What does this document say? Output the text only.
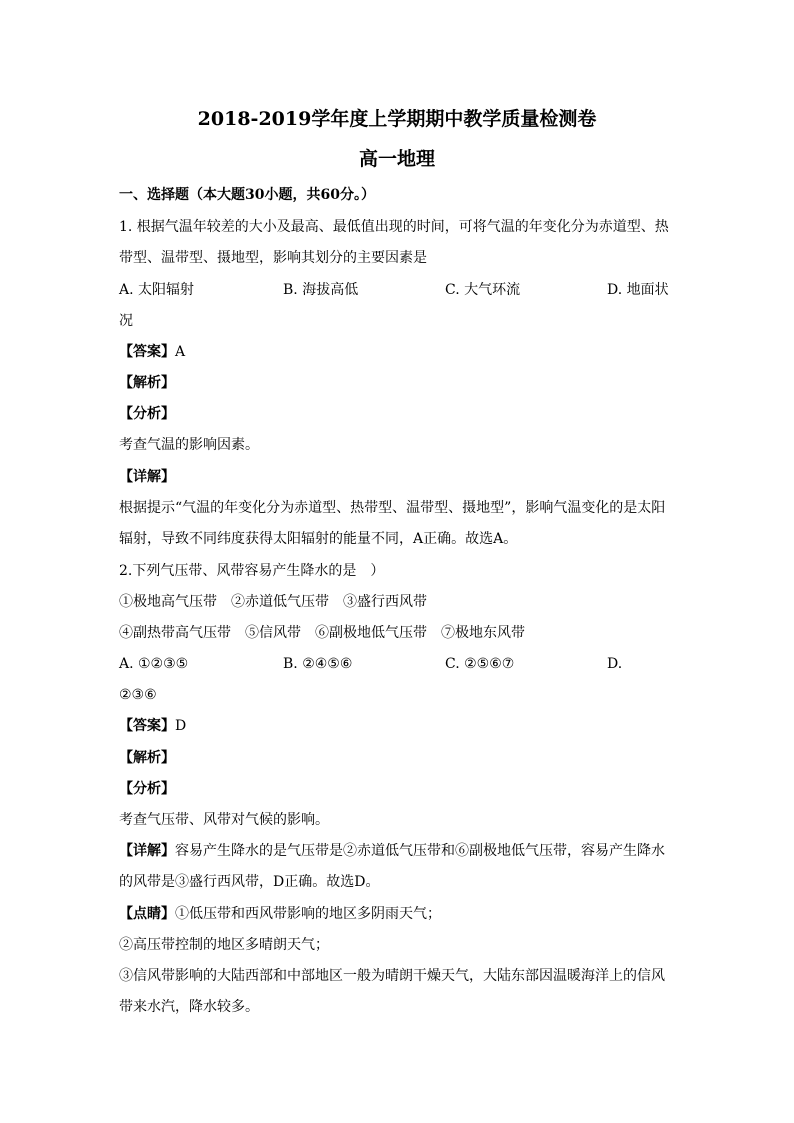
2018-2019学年度上学期期中教学质量检测卷
高一地理
一、选择题（本大题30小题，共60分。）
1. 根据气温年较差的大小及最高、最低值出现的时间，可将气温的年变化分为赤道型、热
带型、温带型、摄地型，影响其划分的主要因素是
A. 太阳辐射	B. 海拔高低	C. 大气环流	D. 地面状
况
【答案】A
【解析】
【分析】
考查气温的影响因素。
【详解】
根据提示“气温的年变化分为赤道型、热带型、温带型、摄地型”，影响气温变化的是太阳
辐射，导致不同纬度获得太阳辐射的能量不同，A正确。故选A。
2.下列气压带、风带容易产生降水的是　）
①极地高气压带　②赤道低气压带　③盛行西风带
④副热带高气压带　⑤信风带　⑥副极地低气压带　⑦极地东风带
A. ①②③⑤	B. ②④⑤⑥	C. ②⑤⑥⑦	D.
②③⑥
【答案】D
【解析】
【分析】
考查气压带、风带对气候的影响。
【详解】容易产生降水的是气压带是②赤道低气压带和⑥副极地低气压带，容易产生降水
的风带是③盛行西风带，D正确。故选D。
【点睛】①低压带和西风带影响的地区多阴雨天气；
②高压带控制的地区多晴朗天气；
③信风带影响的大陆西部和中部地区一般为晴朗干燥天气，大陆东部因温暖海洋上的信风
带来水汽，降水较多。
